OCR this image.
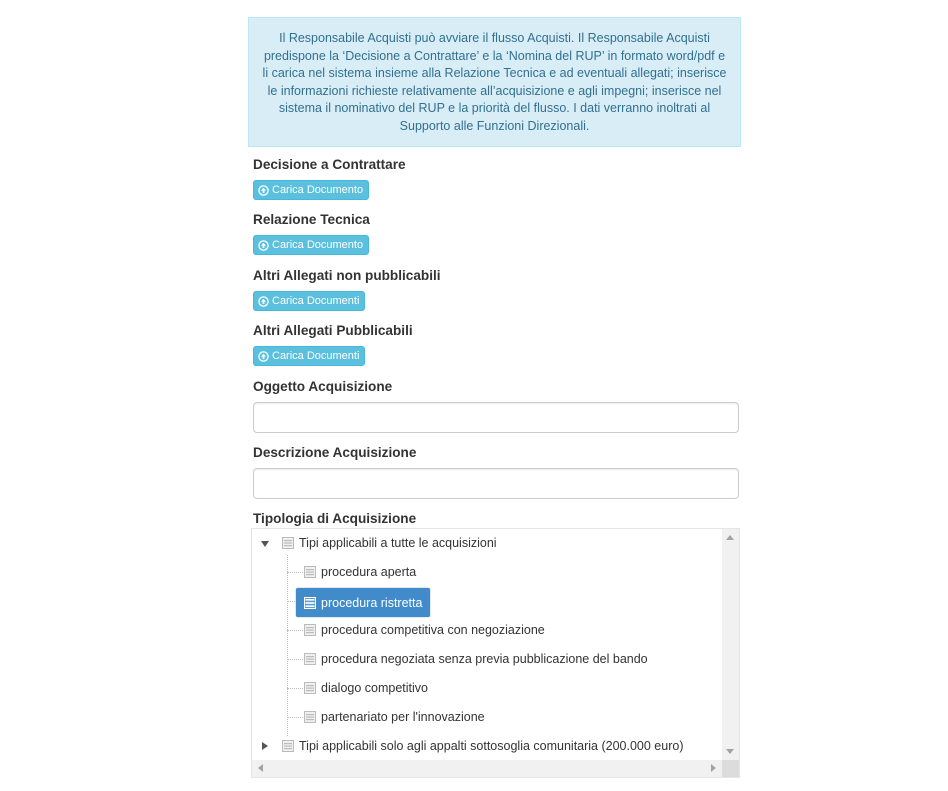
Il Responsabile Acquisti può avviare il flusso Acquisti. Il Responsabile Acquisti predispone la ‘Decisione a Contrattare’ e la ‘Nomina del RUP’ in formato word/pdf e li carica nel sistema insieme alla Relazione Tecnica e ad eventuali allegati; inserisce le informazioni richieste relativamente all’acquisizione e agli impegni; inserisce nel sistema il nominativo del RUP e la priorità del flusso. I dati verranno inoltrati al Supporto alle Funzioni Direzionali.
Decisione a Contrattare
Carica Documento
Relazione Tecnica
Carica Documento
Altri Allegati non pubblicabili
Carica Documenti
Altri Allegati Pubblicabili
Carica Documenti
Oggetto Acquisizione
Descrizione Acquisizione
Tipologia di Acquisizione
Tipi applicabili a tutte le acquisizioni
procedura aperta
procedura ristretta
procedura competitiva con negoziazione
procedura negoziata senza previa pubblicazione del bando
dialogo competitivo
partenariato per l'innovazione
Tipi applicabili solo agli appalti sottosoglia comunitaria (200.000 euro)
